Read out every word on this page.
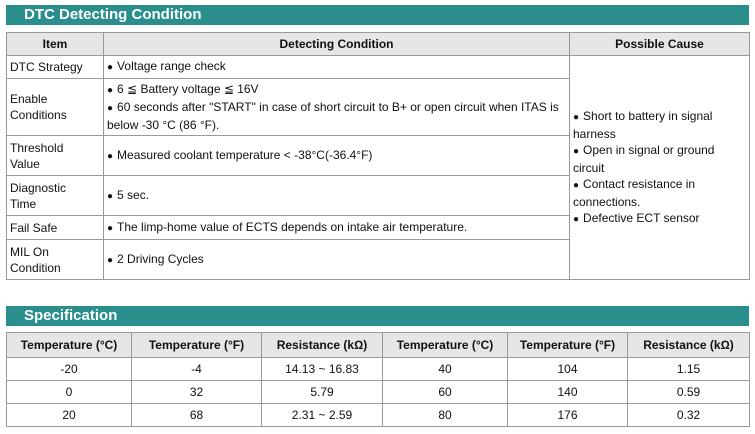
DTC Detecting Condition
Item	Detecting Condition	Possible Cause

DTC Strategy	● Voltage range check	● Short to battery in signal harness
● Open in signal or ground circuit
● Contact resistance in connections.
● Defective ECT sensor

Enable
Conditions	● 6 ≦ Battery voltage ≦ 16V
● 60 seconds after "START" in case of short circuit to B+ or open circuit when ITAS is below -30 °C (86 °F).	

Threshold
Value	● Measured coolant temperature < -38°C(-36.4°F)	

Diagnostic
Time	● 5 sec.	

Fail Safe	● The limp-home value of ECTS depends on intake air temperature.	

MIL On
Condition	● 2 Driving Cycles	
Specification
Temperature (°C)	Temperature (°F)	Resistance (kΩ)	Temperature (°C)	Temperature (°F)	Resistance (kΩ)
-20	-4	14.13 ~ 16.83	40	104	1.15
0	32	5.79	60	140	0.59
20	68	2.31 ~ 2.59	80	176	0.32
